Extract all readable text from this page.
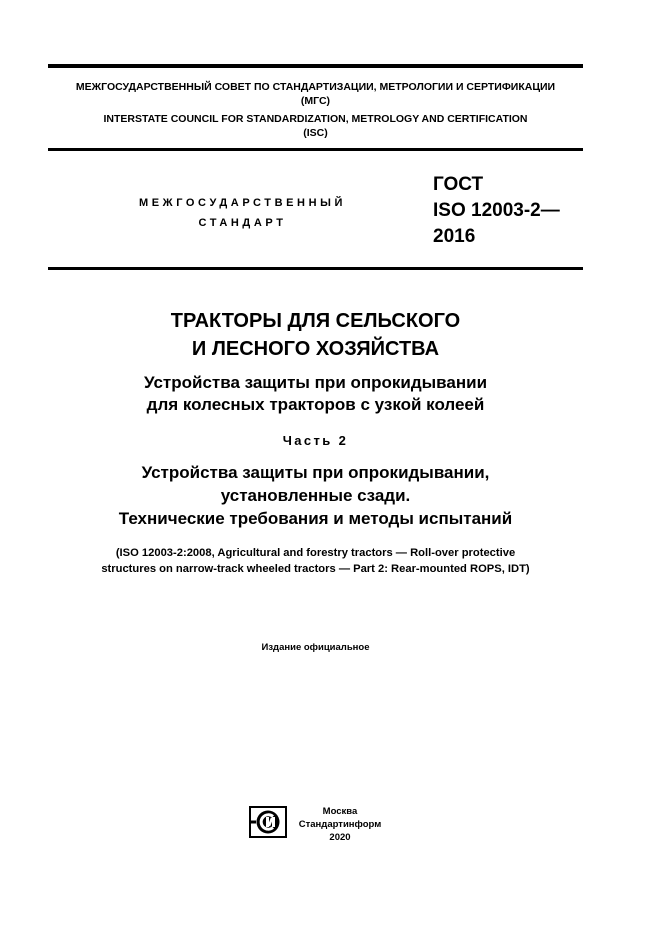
МЕЖГОСУДАРСТВЕННЫЙ СОВЕТ ПО СТАНДАРТИЗАЦИИ, МЕТРОЛОГИИ И СЕРТИФИКАЦИИ
(МГС)
INTERSTATE COUNCIL FOR STANDARDIZATION, METROLOGY AND CERTIFICATION
(ISC)
МЕЖГОСУДАРСТВЕННЫЙ
СТАНДАРТ
ГОСТ
ISO 12003-2—
2016
ТРАКТОРЫ ДЛЯ СЕЛЬСКОГО
И ЛЕСНОГО ХОЗЯЙСТВА
Устройства защиты при опрокидывании
для колесных тракторов с узкой колеей
Часть 2
Устройства защиты при опрокидывании,
установленные сзади.
Технические требования и методы испытаний
(ISO 12003-2:2008, Agricultural and forestry tractors — Roll-over protective
structures on narrow-track wheeled tractors — Part 2: Rear-mounted ROPS, IDT)
Издание официальное
Москва
Стандартинформ
2020
